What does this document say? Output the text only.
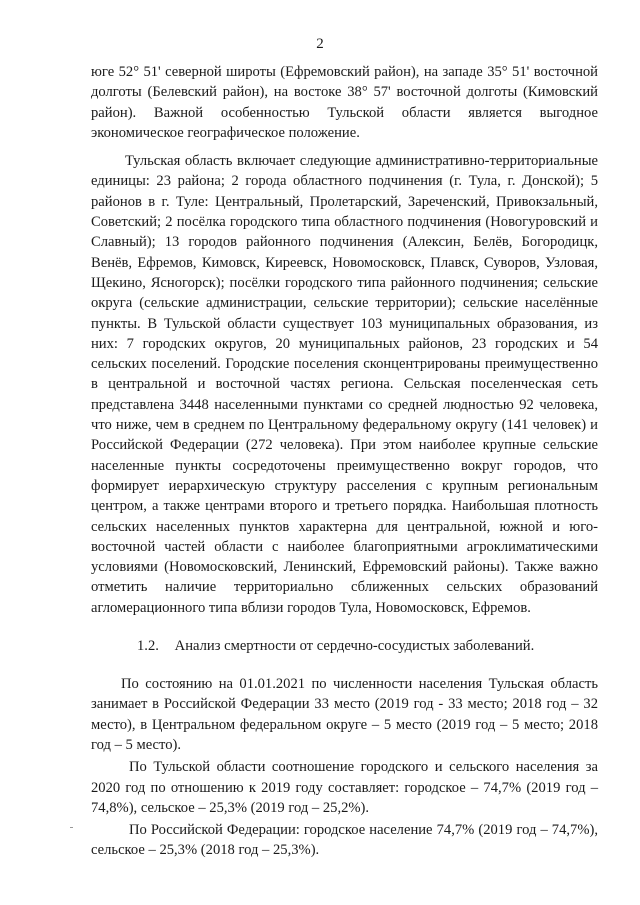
2

юге 52° 51' северной широты (Ефремовский район), на западе 35° 51' восточной долготы (Белевский район), на востоке 38° 57' восточной долготы (Кимовский район). Важной особенностью Тульской области является выгодное экономическое географическое положение.

Тульская область включает следующие административно-территориальные единицы: 23 района; 2 города областного подчинения (г. Тула, г. Донской); 5 районов в г. Туле: Центральный, Пролетарский, Зареченский, Привокзальный, Советский; 2 посёлка городского типа областного подчинения (Новогуровский и Славный); 13 городов районного подчинения (Алексин, Белёв, Богородицк, Венёв, Ефремов, Кимовск, Киреевск, Новомосковск, Плавск, Суворов, Узловая, Щекино, Ясногорск); посёлки городского типа районного подчинения; сельские округа (сельские администрации, сельские территории); сельские населённые пункты. В Тульской области существует 103 муниципальных образования, из них: 7 городских округов, 20 муниципальных районов, 23 городских и 54 сельских поселений. Городские поселения сконцентрированы преимущественно в центральной и восточной частях региона. Сельская поселенческая сеть представлена 3448 населенными пунктами со средней людностью 92 человека, что ниже, чем в среднем по Центральному федеральному округу (141 человек) и Российской Федерации (272 человека). При этом наиболее крупные сельские населенные пункты сосредоточены преимущественно вокруг городов, что формирует иерархическую структуру расселения с крупным региональным центром, а также центрами второго и третьего порядка. Наибольшая плотность сельских населенных пунктов характерна для центральной, южной и юго-восточной частей области с наиболее благоприятными агроклиматическими условиями (Новомосковский, Ленинский, Ефремовский районы). Также важно отметить наличие территориально сближенных сельских образований агломерационного типа вблизи городов Тула, Новомосковск, Ефремов.

1.2. Анализ смертности от сердечно-сосудистых заболеваний.

По состоянию на 01.01.2021 по численности населения Тульская область занимает в Российской Федерации 33 место (2019 год - 33 место; 2018 год – 32 место), в Центральном федеральном округе – 5 место (2019 год – 5 место; 2018 год – 5 место).

По Тульской области соотношение городского и сельского населения за 2020 год по отношению к 2019 году составляет: городское – 74,7% (2019 год – 74,8%), сельское – 25,3% (2019 год – 25,2%).

По Российской Федерации: городское население 74,7% (2019 год – 74,7%), сельское – 25,3% (2018 год – 25,3%).
